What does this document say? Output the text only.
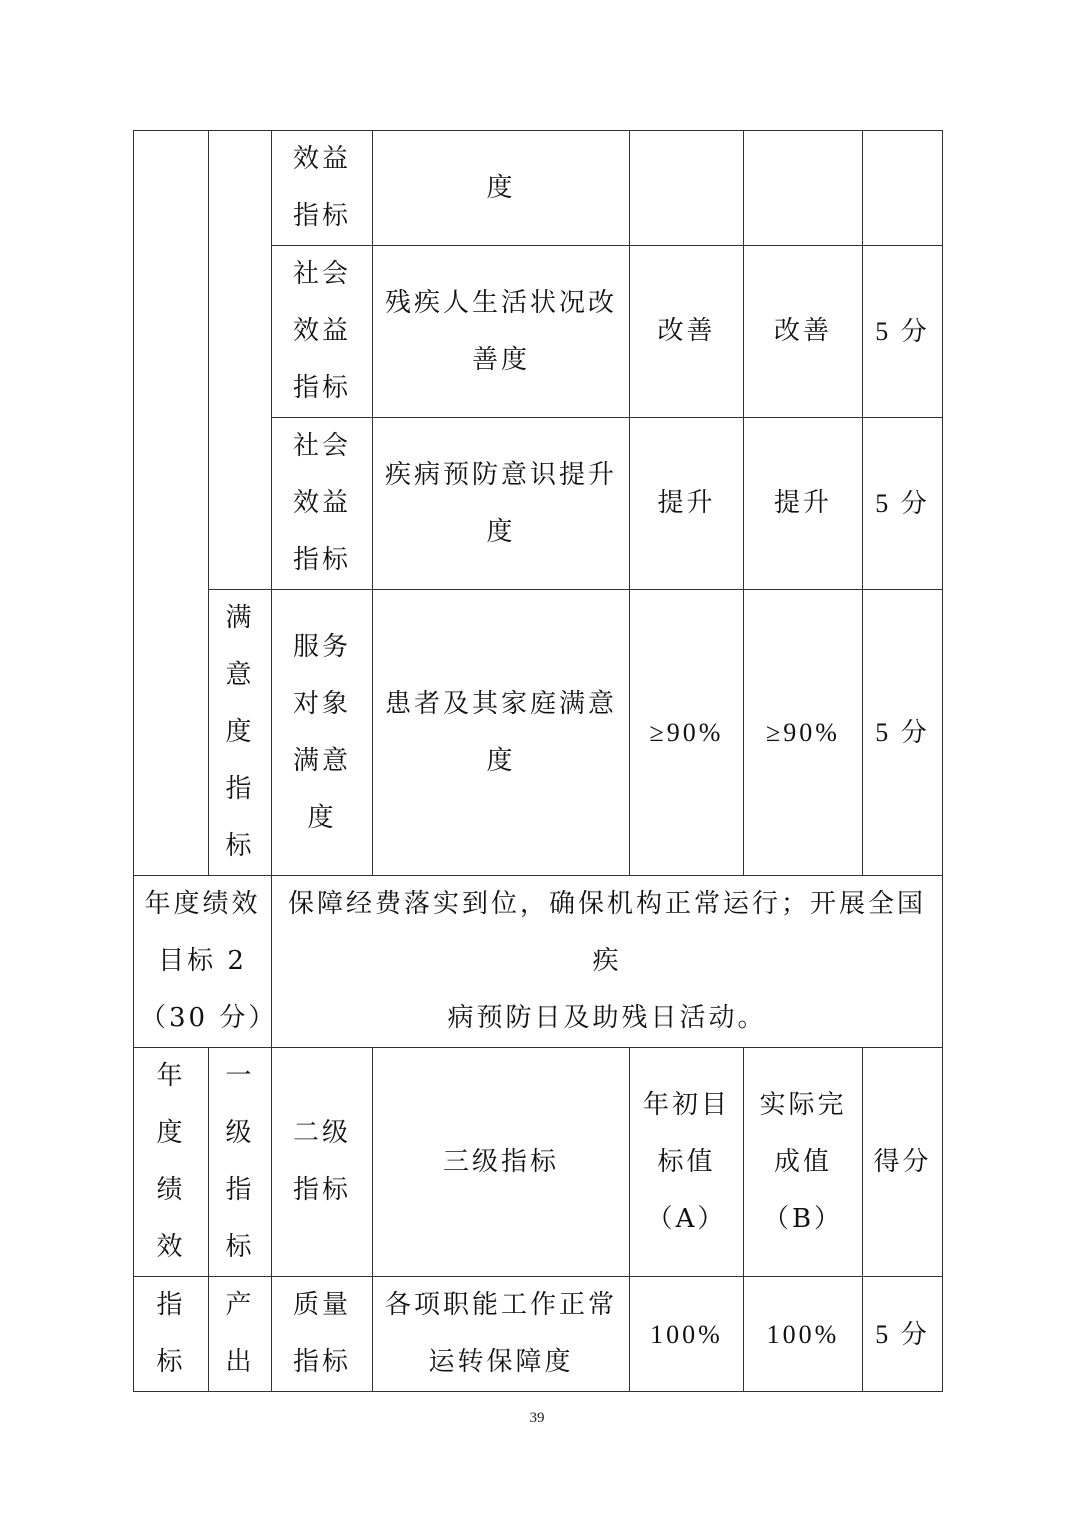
		效益
指标	度			
		社会
效益
指标	残疾人生活状况改
善度	改善	改善	5 分
		社会
效益
指标	疾病预防意识提升
度	提升	提升	5 分
	满
意
度
指
标	服务
对象
满意
度	患者及其家庭满意
度	≥90%	≥90%	5 分
年度绩效
目标 2
（30 分）		保障经费落实到位，确保机构正常运行；开展全国疾
病预防日及助残日活动。				
年
度
绩
效	一
级
指
标	二级
指标	三级指标	年初目
标值
（A）	实际完
成值
（B）	得分
指
标	产
出	质量
指标	各项职能工作正常
运转保障度	100%	100%	5 分
39
